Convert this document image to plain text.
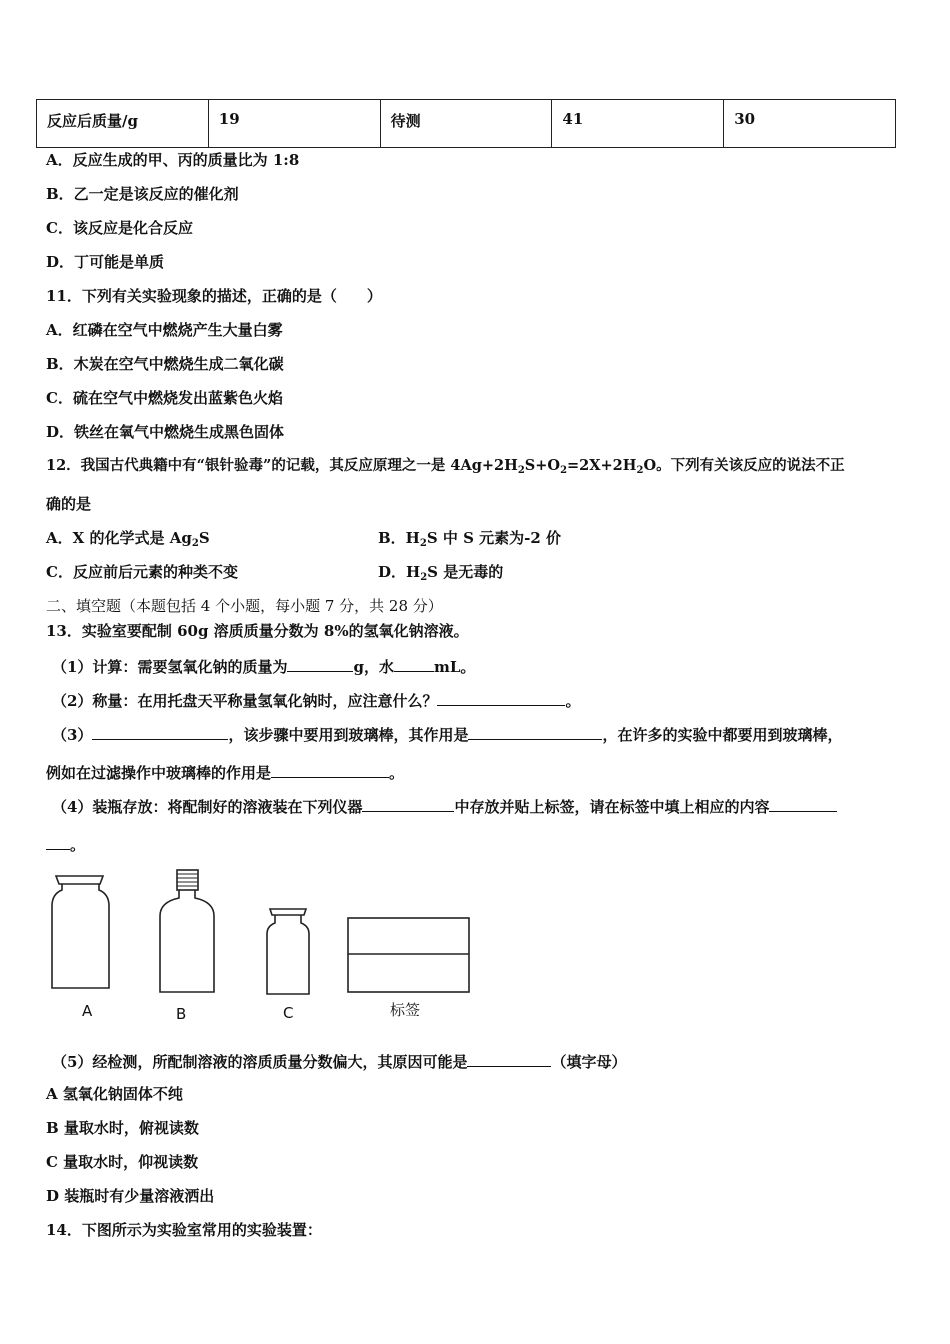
反应后质量/g	19	待测	41	30
A．反应生成的甲、丙的质量比为 1:8
B．乙一定是该反应的催化剂
C．该反应是化合反应
D．丁可能是单质
11．下列有关实验现象的描述，正确的是（　　）
A．红磷在空气中燃烧产生大量白雾
B．木炭在空气中燃烧生成二氧化碳
C．硫在空气中燃烧发出蓝紫色火焰
D．铁丝在氧气中燃烧生成黑色固体
12．我国古代典籍中有“银针验毒”的记载，其反应原理之一是 $4Ag+2H_2S+O_2=2X+2H_2O$。下列有关该反应的说法不正
确的是
A．X 的化学式是 $Ag_2S$	B．$H_2S$ 中 S 元素为-2 价
C．反应前后元素的种类不变	D．$H_2S$ 是无毒的
二、填空题（本题包括 4 个小题，每小题 7 分，共 28 分）
13．实验室要配制 60g 溶质质量分数为 8%的氢氧化钠溶液。
（1）计算：需要氢氧化钠的质量为	g，水	mL。
（2）称量：在用托盘天平称量氢氧化钠时，应注意什么？	。
（3）	，该步骤中要用到玻璃棒，其作用是	，在许多的实验中都要用到玻璃棒，
例如在过滤操作中玻璃棒的作用是	。
（4）装瓶存放：将配制好的溶液装在下列仪器	中存放并贴上标签，请在标签中填上相应的内容
。
A	B	C	标签
（5）经检测，所配制溶液的溶质质量分数偏大，其原因可能是	（填字母）
A 氢氧化钠固体不纯
B 量取水时，俯视读数
C 量取水时，仰视读数
D 装瓶时有少量溶液洒出
14．下图所示为实验室常用的实验装置：
